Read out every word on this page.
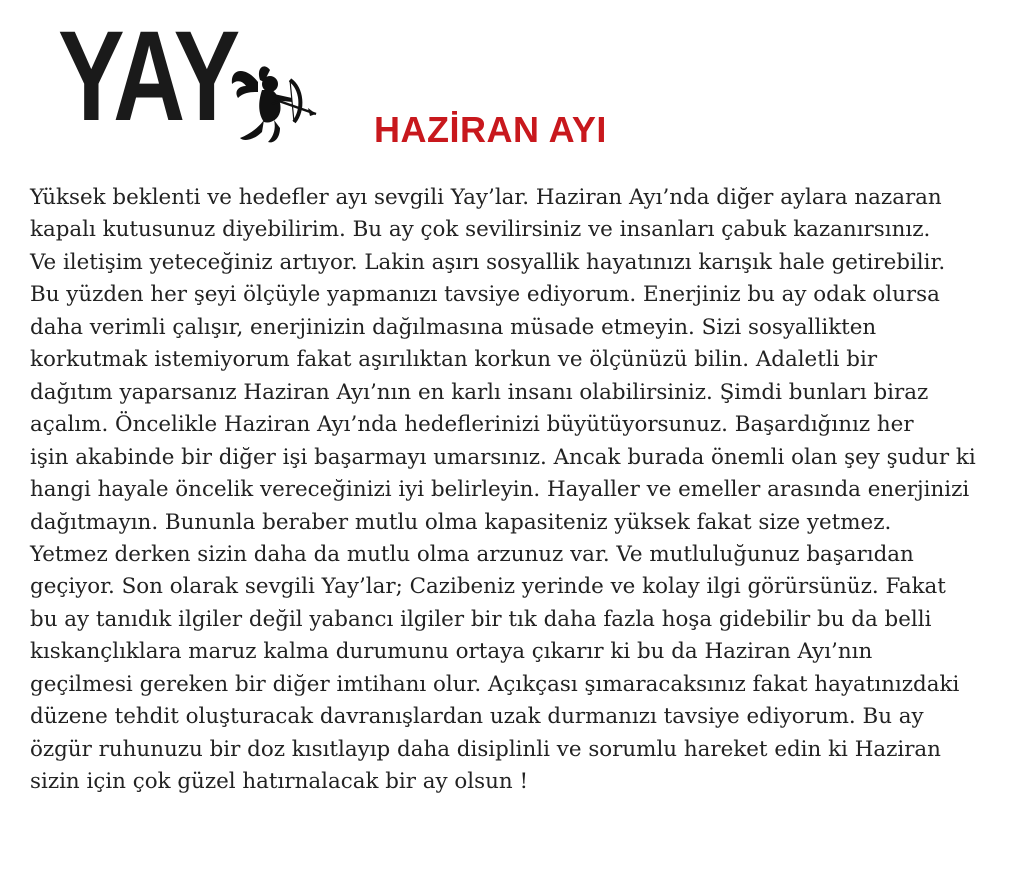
YAY	HAZİRAN AYI

Yüksek beklenti ve hedefler ayı sevgili Yay’lar. Haziran Ayı’nda diğer aylara nazaran
kapalı kutusunuz diyebilirim. Bu ay çok sevilirsiniz ve insanları çabuk kazanırsınız.
Ve iletişim yeteceğiniz artıyor. Lakin aşırı sosyallik hayatınızı karışık hale getirebilir.
Bu yüzden her şeyi ölçüyle yapmanızı tavsiye ediyorum. Enerjiniz bu ay odak olursa
daha verimli çalışır, enerjinizin dağılmasına müsade etmeyin. Sizi sosyallikten
korkutmak istemiyorum fakat aşırılıktan korkun ve ölçünüzü bilin. Adaletli bir
dağıtım yaparsanız Haziran Ayı’nın en karlı insanı olabilirsiniz. Şimdi bunları biraz
açalım. Öncelikle Haziran Ayı’nda hedeflerinizi büyütüyorsunuz. Başardığınız her
işin akabinde bir diğer işi başarmayı umarsınız. Ancak burada önemli olan şey şudur ki
hangi hayale öncelik vereceğinizi iyi belirleyin. Hayaller ve emeller arasında enerjinizi
dağıtmayın. Bununla beraber mutlu olma kapasiteniz yüksek fakat size yetmez.
Yetmez derken sizin daha da mutlu olma arzunuz var. Ve mutluluğunuz başarıdan
geçiyor. Son olarak sevgili Yay’lar; Cazibeniz yerinde ve kolay ilgi görürsünüz. Fakat
bu ay tanıdık ilgiler değil yabancı ilgiler bir tık daha fazla hoşa gidebilir bu da belli
kıskançlıklara maruz kalma durumunu ortaya çıkarır ki bu da Haziran Ayı’nın
geçilmesi gereken bir diğer imtihanı olur. Açıkçası şımaracaksınız fakat hayatınızdaki
düzene tehdit oluşturacak davranışlardan uzak durmanızı tavsiye ediyorum. Bu ay
özgür ruhunuzu bir doz kısıtlayıp daha disiplinli ve sorumlu hareket edin ki Haziran
sizin için çok güzel hatırnalacak bir ay olsun !
